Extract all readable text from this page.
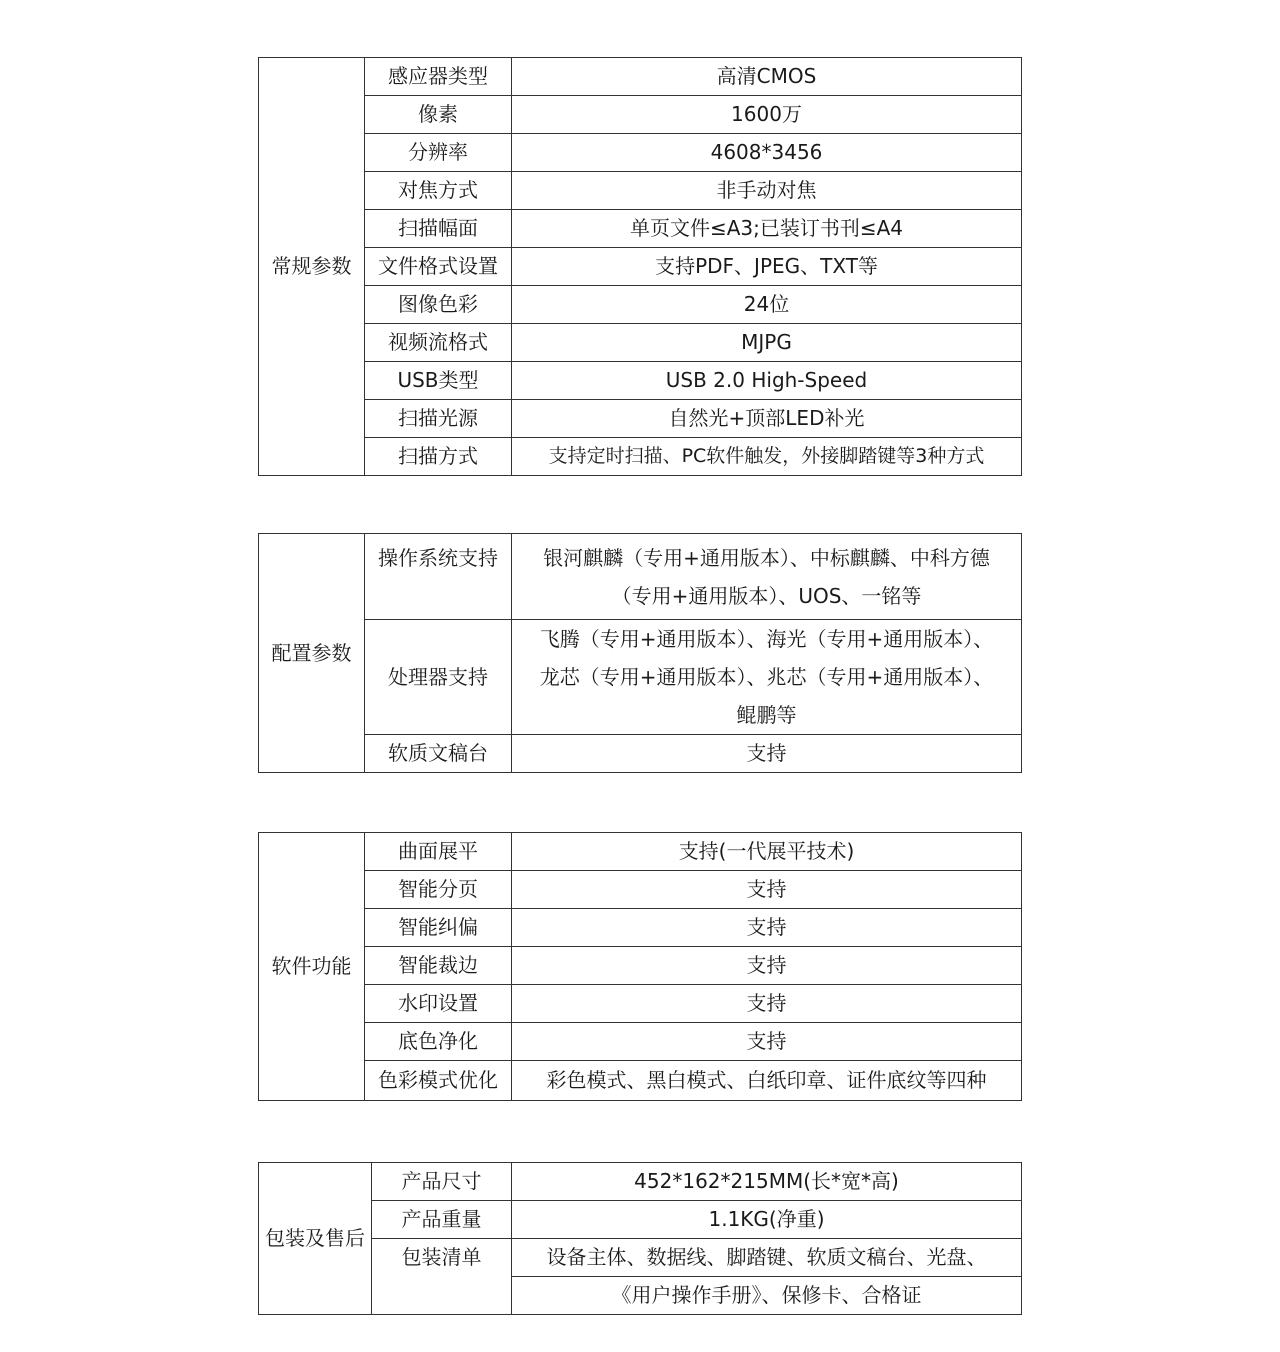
常规参数	感应器类型	高清CMOS
	像素	1600万
	分辨率	4608*3456
	对焦方式	非手动对焦
	扫描幅面	单页文件≤A3;已装订书刊≤A4
	文件格式设置	支持PDF、JPEG、TXT等
	图像色彩	24位
	视频流格式	MJPG
	USB类型	USB 2.0 High-Speed
	扫描光源	自然光+顶部LED补光
	扫描方式	支持定时扫描、PC软件触发，外接脚踏键等3种方式
配置参数	操作系统支持	银河麒麟（专用+通用版本）、中标麒麟、中科方德
（专用+通用版本）、UOS、一铭等

	处理器支持	飞腾（专用+通用版本）、海光（专用+通用版本）、
龙芯（专用+通用版本）、兆芯（专用+通用版本）、
鲲鹏等

	软质文稿台	支持
软件功能	曲面展平	支持(一代展平技术)
	智能分页	支持
	智能纠偏	支持
	智能裁边	支持
	水印设置	支持
	底色净化	支持
	色彩模式优化	彩色模式、黑白模式、白纸印章、证件底纹等四种
包装及售后	产品尺寸	452*162*215MM(长*宽*高)
	产品重量	1.1KG(净重)
	包装清单	设备主体、数据线、脚踏键、软质文稿台、光盘、
		《用户操作手册》、保修卡、合格证
